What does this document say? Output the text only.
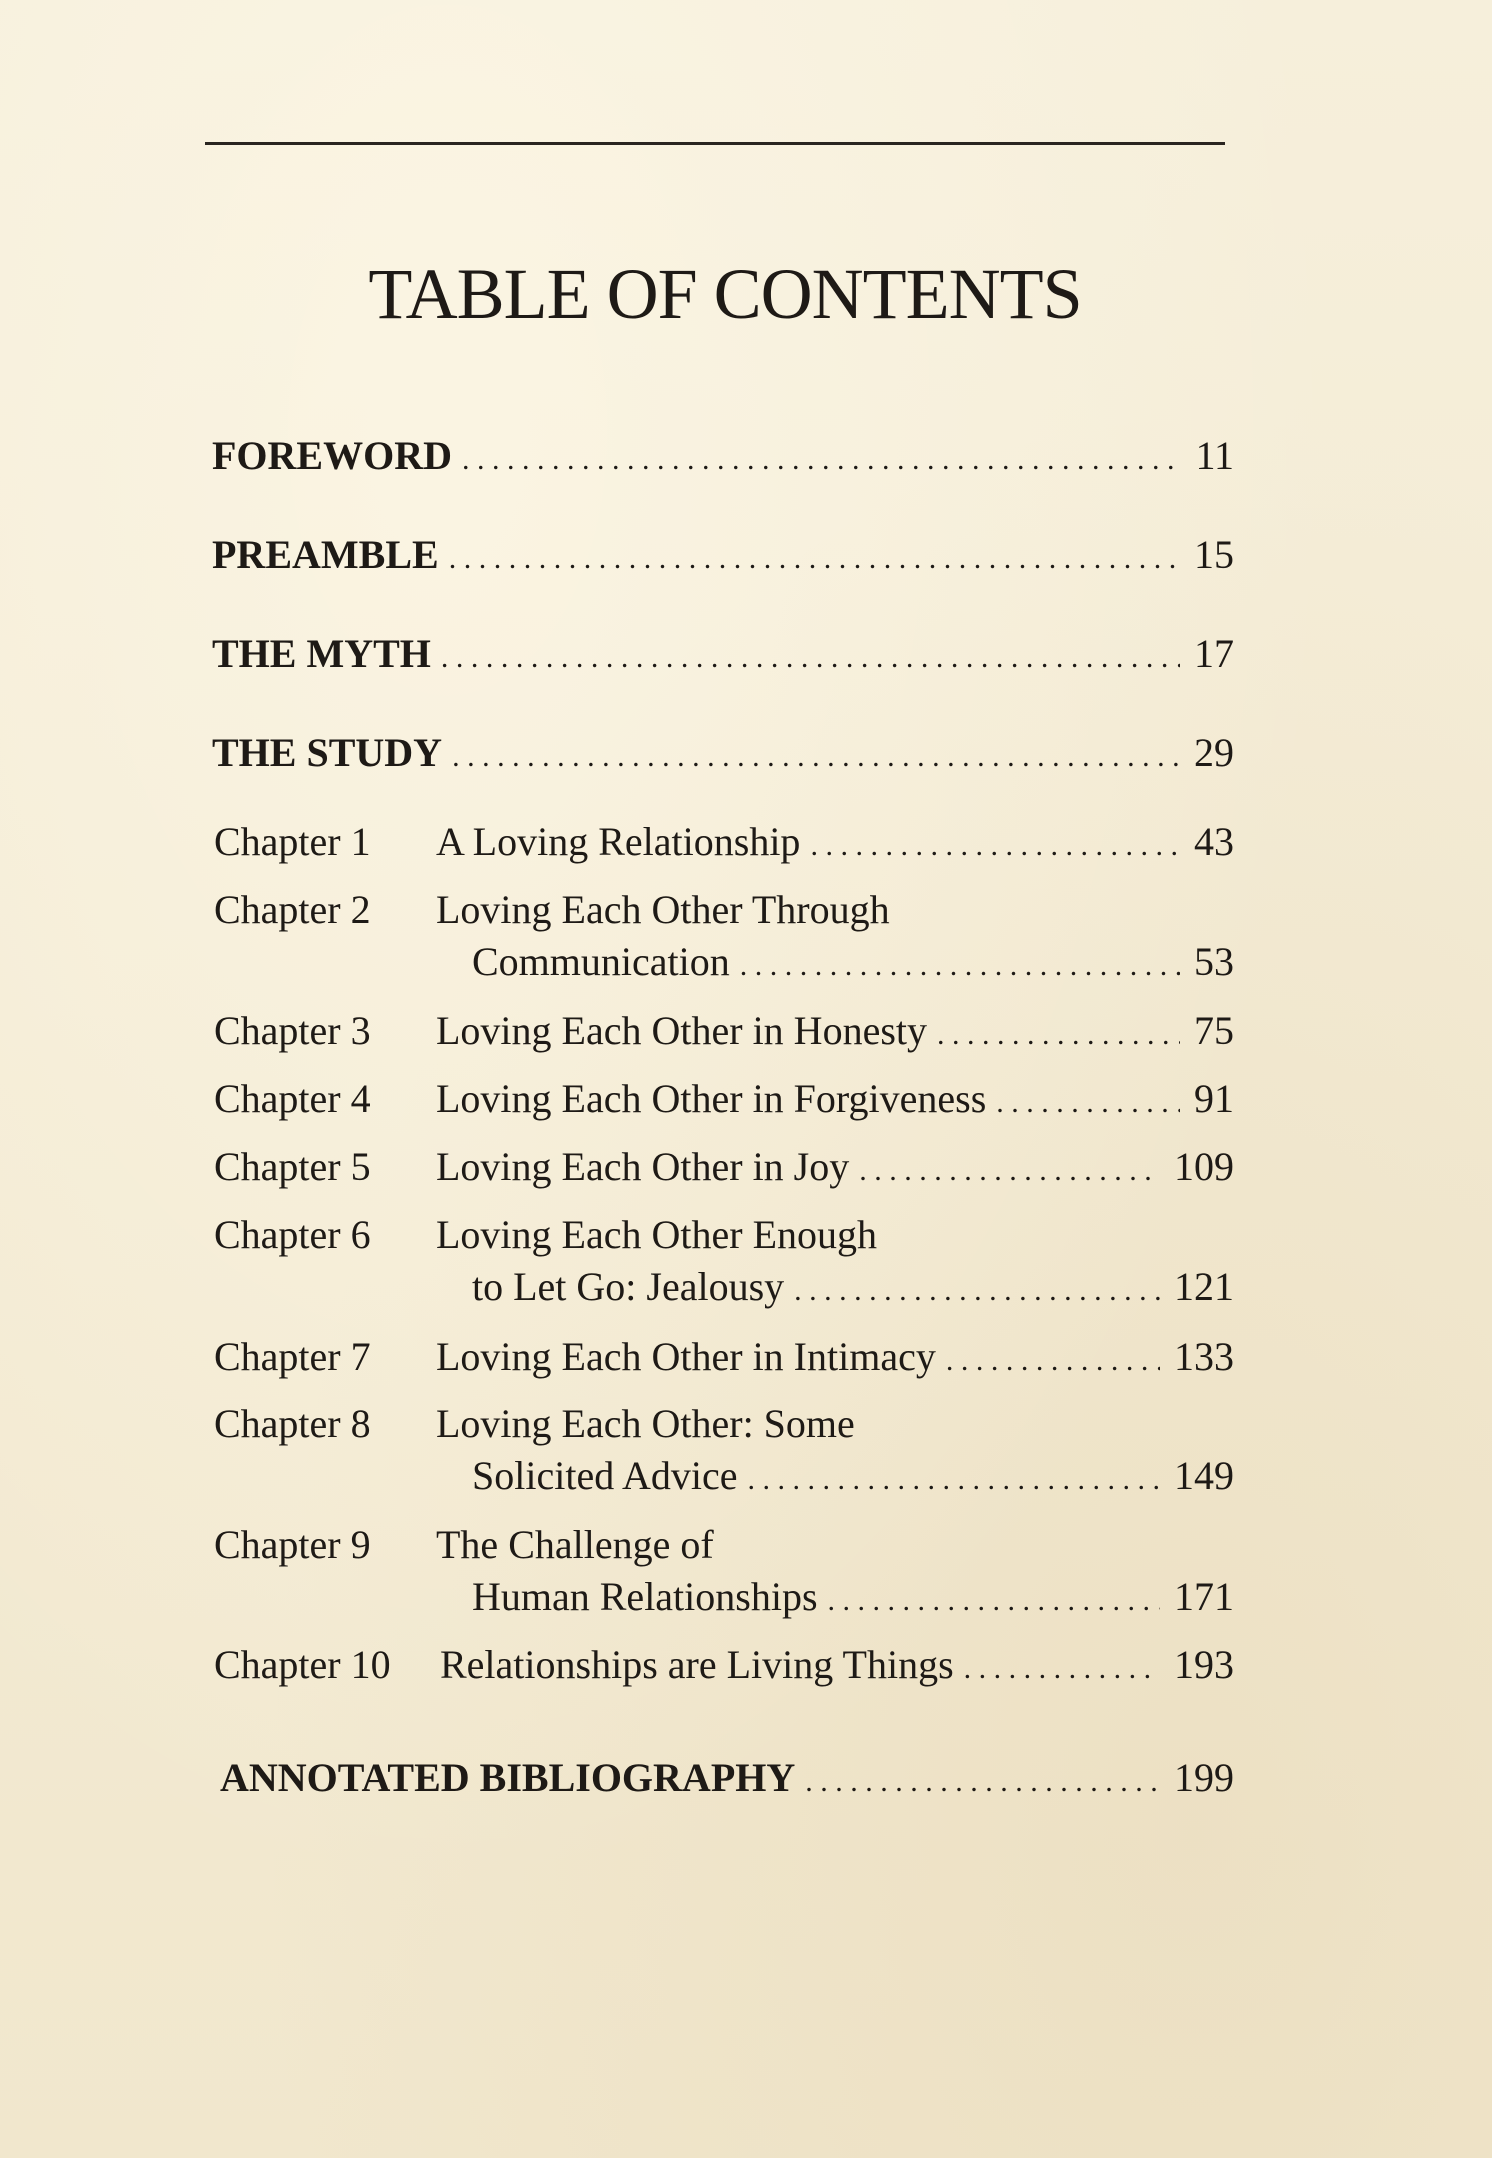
TABLE OF CONTENTS
FOREWORD . . .	11
PREAMBLE . . .	15
THE MYTH . . .	17
THE STUDY . . .	29
Chapter 1	A Loving Relationship . . .	43
Chapter 2	Loving Each Other Through
Communication . . .	53
Chapter 3	Loving Each Other in Honesty . . .	75
Chapter 4	Loving Each Other in Forgiveness . . .	91
Chapter 5	Loving Each Other in Joy . . .	109
Chapter 6	Loving Each Other Enough
to Let Go: Jealousy . . .	121
Chapter 7	Loving Each Other in Intimacy . . .	133
Chapter 8	Loving Each Other: Some
Solicited Advice . . .	149
Chapter 9	The Challenge of
Human Relationships . . .	171
Chapter 10	Relationships are Living Things . . .	193
ANNOTATED BIBLIOGRAPHY . . .	199
